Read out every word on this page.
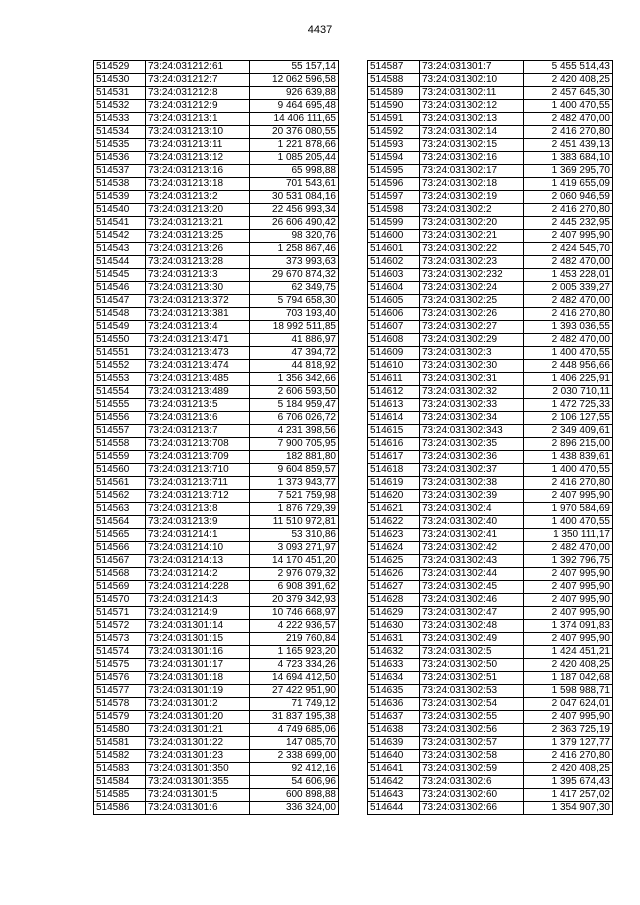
4437
514529	73:24:031212:61	55 157,14
514530	73:24:031212:7	12 062 596,58
514531	73:24:031212:8	926 639,88
514532	73:24:031212:9	9 464 695,48
514533	73:24:031213:1	14 406 111,65
514534	73:24:031213:10	20 376 080,55
514535	73:24:031213:11	1 221 878,66
514536	73:24:031213:12	1 085 205,44
514537	73:24:031213:16	65 998,88
514538	73:24:031213:18	701 543,61
514539	73:24:031213:2	30 531 084,16
514540	73:24:031213:20	22 456 993,34
514541	73:24:031213:21	26 606 490,42
514542	73:24:031213:25	98 320,76
514543	73:24:031213:26	1 258 867,46
514544	73:24:031213:28	373 993,63
514545	73:24:031213:3	29 670 874,32
514546	73:24:031213:30	62 349,75
514547	73:24:031213:372	5 794 658,30
514548	73:24:031213:381	703 193,40
514549	73:24:031213:4	18 992 511,85
514550	73:24:031213:471	41 886,97
514551	73:24:031213:473	47 394,72
514552	73:24:031213:474	44 818,92
514553	73:24:031213:485	1 356 342,66
514554	73:24:031213:489	2 606 593,50
514555	73:24:031213:5	5 184 959,47
514556	73:24:031213:6	6 706 026,72
514557	73:24:031213:7	4 231 398,56
514558	73:24:031213:708	7 900 705,95
514559	73:24:031213:709	182 881,80
514560	73:24:031213:710	9 604 859,57
514561	73:24:031213:711	1 373 943,77
514562	73:24:031213:712	7 521 759,98
514563	73:24:031213:8	1 876 729,39
514564	73:24:031213:9	11 510 972,81
514565	73:24:031214:1	53 310,86
514566	73:24:031214:10	3 093 271,97
514567	73:24:031214:13	14 170 451,20
514568	73:24:031214:2	2 976 079,32
514569	73:24:031214:228	6 908 391,62
514570	73:24:031214:3	20 379 342,93
514571	73:24:031214:9	10 746 668,97
514572	73:24:031301:14	4 222 936,57
514573	73:24:031301:15	219 760,84
514574	73:24:031301:16	1 165 923,20
514575	73:24:031301:17	4 723 334,26
514576	73:24:031301:18	14 694 412,50
514577	73:24:031301:19	27 422 951,90
514578	73:24:031301:2	71 749,12
514579	73:24:031301:20	31 837 195,38
514580	73:24:031301:21	4 749 685,06
514581	73:24:031301:22	147 085,70
514582	73:24:031301:23	2 338 699,00
514583	73:24:031301:350	92 412,16
514584	73:24:031301:355	54 606,96
514585	73:24:031301:5	600 898,88
514586	73:24:031301:6	336 324,00
514587	73:24:031301:7	5 455 514,43
514588	73:24:031302:10	2 420 408,25
514589	73:24:031302:11	2 457 645,30
514590	73:24:031302:12	1 400 470,55
514591	73:24:031302:13	2 482 470,00
514592	73:24:031302:14	2 416 270,80
514593	73:24:031302:15	2 451 439,13
514594	73:24:031302:16	1 383 684,10
514595	73:24:031302:17	1 369 295,70
514596	73:24:031302:18	1 419 655,09
514597	73:24:031302:19	2 060 946,59
514598	73:24:031302:2	2 416 270,80
514599	73:24:031302:20	2 445 232,95
514600	73:24:031302:21	2 407 995,90
514601	73:24:031302:22	2 424 545,70
514602	73:24:031302:23	2 482 470,00
514603	73:24:031302:232	1 453 228,01
514604	73:24:031302:24	2 005 339,27
514605	73:24:031302:25	2 482 470,00
514606	73:24:031302:26	2 416 270,80
514607	73:24:031302:27	1 393 036,55
514608	73:24:031302:29	2 482 470,00
514609	73:24:031302:3	1 400 470,55
514610	73:24:031302:30	2 448 956,66
514611	73:24:031302:31	1 406 225,91
514612	73:24:031302:32	2 030 710,11
514613	73:24:031302:33	1 472 725,33
514614	73:24:031302:34	2 106 127,55
514615	73:24:031302:343	2 349 409,61
514616	73:24:031302:35	2 896 215,00
514617	73:24:031302:36	1 438 839,61
514618	73:24:031302:37	1 400 470,55
514619	73:24:031302:38	2 416 270,80
514620	73:24:031302:39	2 407 995,90
514621	73:24:031302:4	1 970 584,69
514622	73:24:031302:40	1 400 470,55
514623	73:24:031302:41	1 350 111,17
514624	73:24:031302:42	2 482 470,00
514625	73:24:031302:43	1 392 796,75
514626	73:24:031302:44	2 407 995,90
514627	73:24:031302:45	2 407 995,90
514628	73:24:031302:46	2 407 995,90
514629	73:24:031302:47	2 407 995,90
514630	73:24:031302:48	1 374 091,83
514631	73:24:031302:49	2 407 995,90
514632	73:24:031302:5	1 424 451,21
514633	73:24:031302:50	2 420 408,25
514634	73:24:031302:51	1 187 042,68
514635	73:24:031302:53	1 598 988,71
514636	73:24:031302:54	2 047 624,01
514637	73:24:031302:55	2 407 995,90
514638	73:24:031302:56	2 363 725,19
514639	73:24:031302:57	1 379 127,77
514640	73:24:031302:58	2 416 270,80
514641	73:24:031302:59	2 420 408,25
514642	73:24:031302:6	1 395 674,43
514643	73:24:031302:60	1 417 257,02
514644	73:24:031302:66	1 354 907,30
